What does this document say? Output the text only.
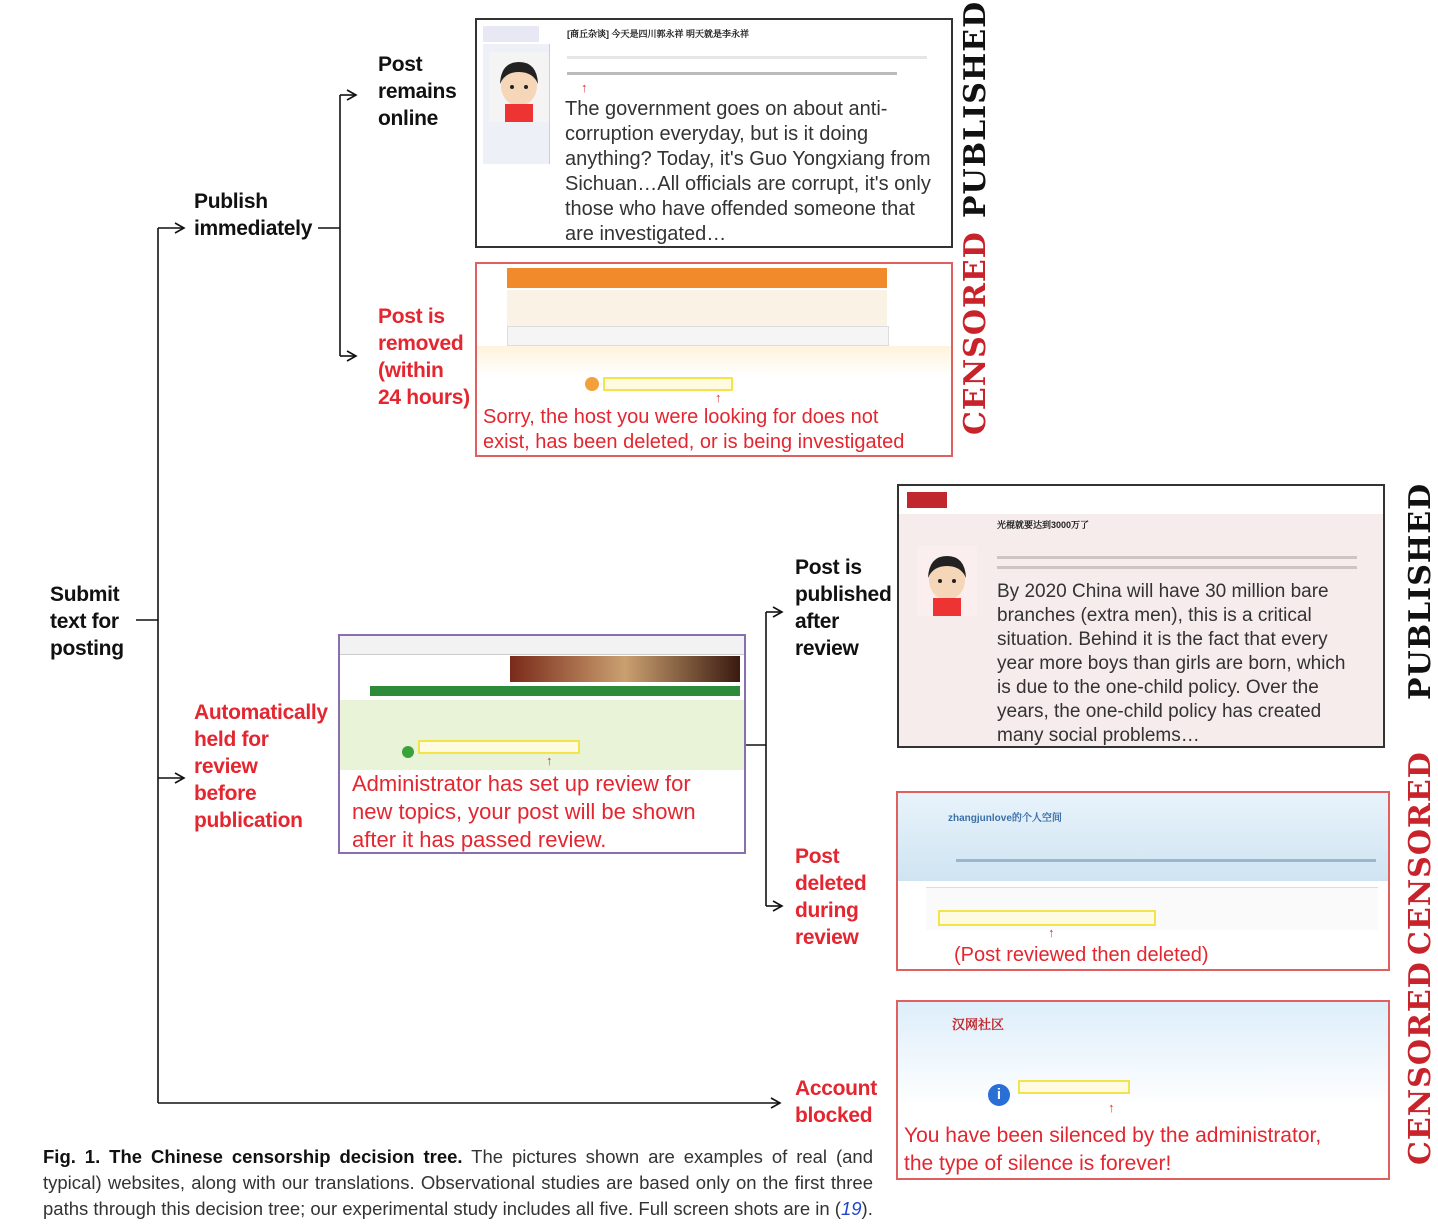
Submit
text for
posting
Publish
immediately
Post
remains
online
Post is
removed
(within
24 hours)
Automatically
held for
review
before
publication
Post is
published
after
review
Post
deleted
during
review
Account
blocked
[商丘杂谈] 今天是四川郭永祥 明天就是李永祥
↑
The government goes on about anti-
corruption everyday, but is it doing
anything? Today, it's Guo Yongxiang from
Sichuan…All officials are corrupt, it's only
those who have offended someone that
are investigated…
PUBLISHED
↑
Sorry, the host you were looking for does not
exist, has been deleted, or is being investigated
CENSORED
↑
Administrator has set up review for
new topics, your post will be shown
after it has passed review.
光棍就要达到3000万了
By 2020 China will have 30 million bare
branches (extra men), this is a critical
situation. Behind it is the fact that every
year more boys than girls are born, which
is due to the one-child policy. Over the
years, the one-child policy has created
many social problems…
PUBLISHED
zhangjunlove的个人空间
↑
(Post reviewed then deleted)	CENSORED
汉网社区
i
↑
You have been silenced by the administrator,
the type of silence is forever!	CENSORED
Fig. 1. The Chinese censorship decision tree. The pictures shown are examples of real (and typical) websites, along with our translations. Observational studies are based only on the first three paths through this decision tree; our experimental study includes all five. Full screen shots are in (19).
